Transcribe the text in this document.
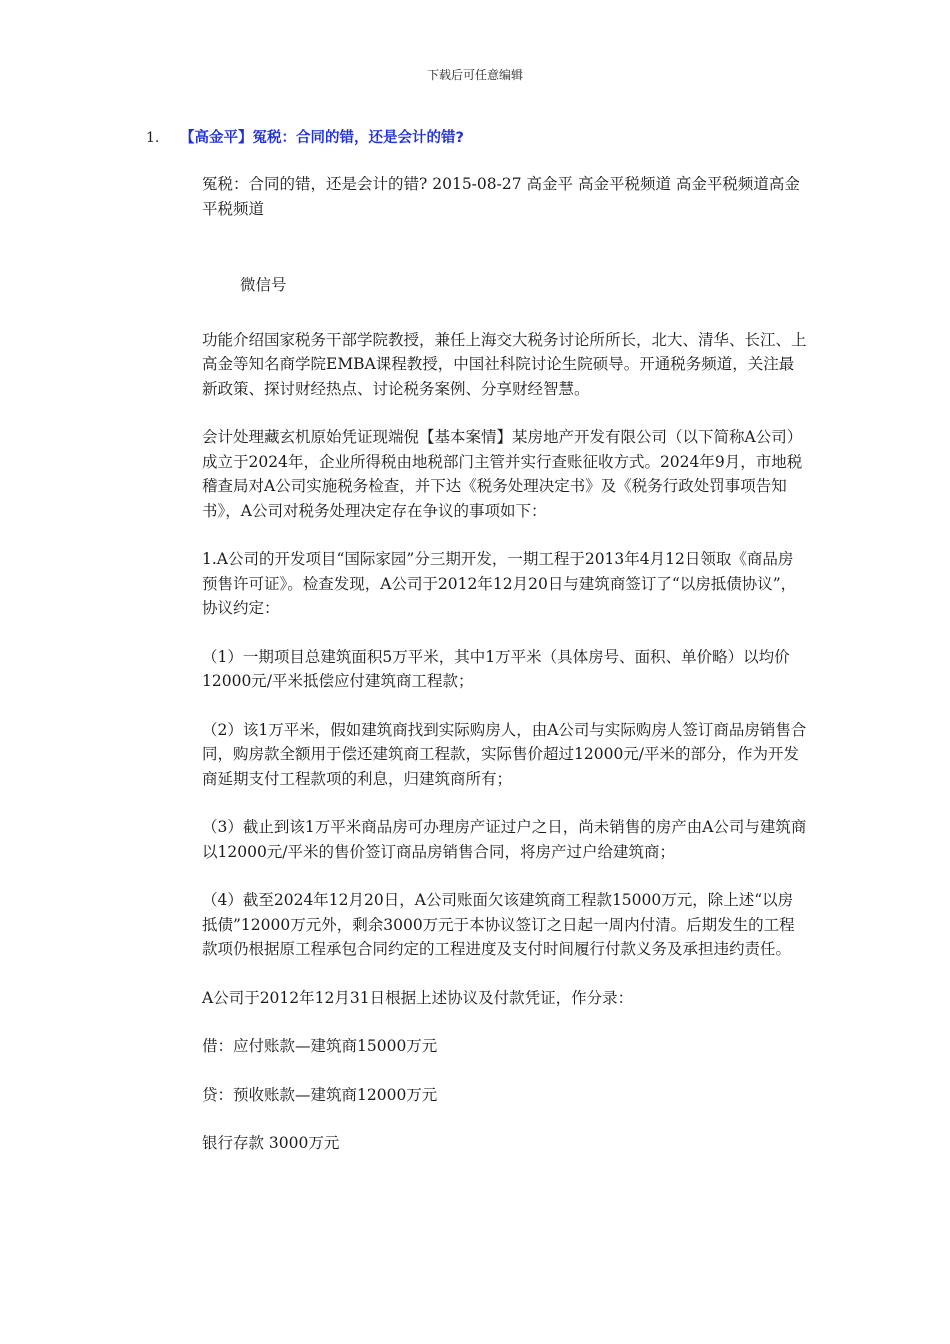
下载后可任意编辑
1. 【高金平】冤税：合同的错，还是会计的错?

冤税：合同的错，还是会计的错? 2015-08-27 高金平 高金平税频道 高金平税频道高金平税频道

微信号

功能介绍国家税务干部学院教授，兼任上海交大税务讨论所所长，北大、清华、长江、上高金等知名商学院EMBA课程教授，中国社科院讨论生院硕导。开通税务频道，关注最新政策、探讨财经热点、讨论税务案例、分享财经智慧。

会计处理藏玄机原始凭证现端倪【基本案情】某房地产开发有限公司（以下简称A公司）成立于2024年，企业所得税由地税部门主管并实行查账征收方式。2024年9月，市地税稽查局对A公司实施税务检查，并下达《税务处理决定书》及《税务行政处罚事项告知书》，A公司对税务处理决定存在争议的事项如下：

1.A公司的开发项目“国际家园”分三期开发，一期工程于2013年4月12日领取《商品房预售许可证》。检查发现，A公司于2012年12月20日与建筑商签订了“以房抵债协议”，协议约定：

（1）一期项目总建筑面积5万平米，其中1万平米（具体房号、面积、单价略）以均价12000元/平米抵偿应付建筑商工程款；

（2）该1万平米，假如建筑商找到实际购房人，由A公司与实际购房人签订商品房销售合同，购房款全额用于偿还建筑商工程款，实际售价超过12000元/平米的部分，作为开发商延期支付工程款项的利息，归建筑商所有；

（3）截止到该1万平米商品房可办理房产证过户之日，尚未销售的房产由A公司与建筑商以12000元/平米的售价签订商品房销售合同，将房产过户给建筑商；

（4）截至2024年12月20日，A公司账面欠该建筑商工程款15000万元，除上述“以房抵债”12000万元外，剩余3000万元于本协议签订之日起一周内付清。后期发生的工程款项仍根据原工程承包合同约定的工程进度及支付时间履行付款义务及承担违约责任。

A公司于2012年12月31日根据上述协议及付款凭证，作分录：

借：应付账款—建筑商15000万元

贷：预收账款—建筑商12000万元

银行存款 3000万元
